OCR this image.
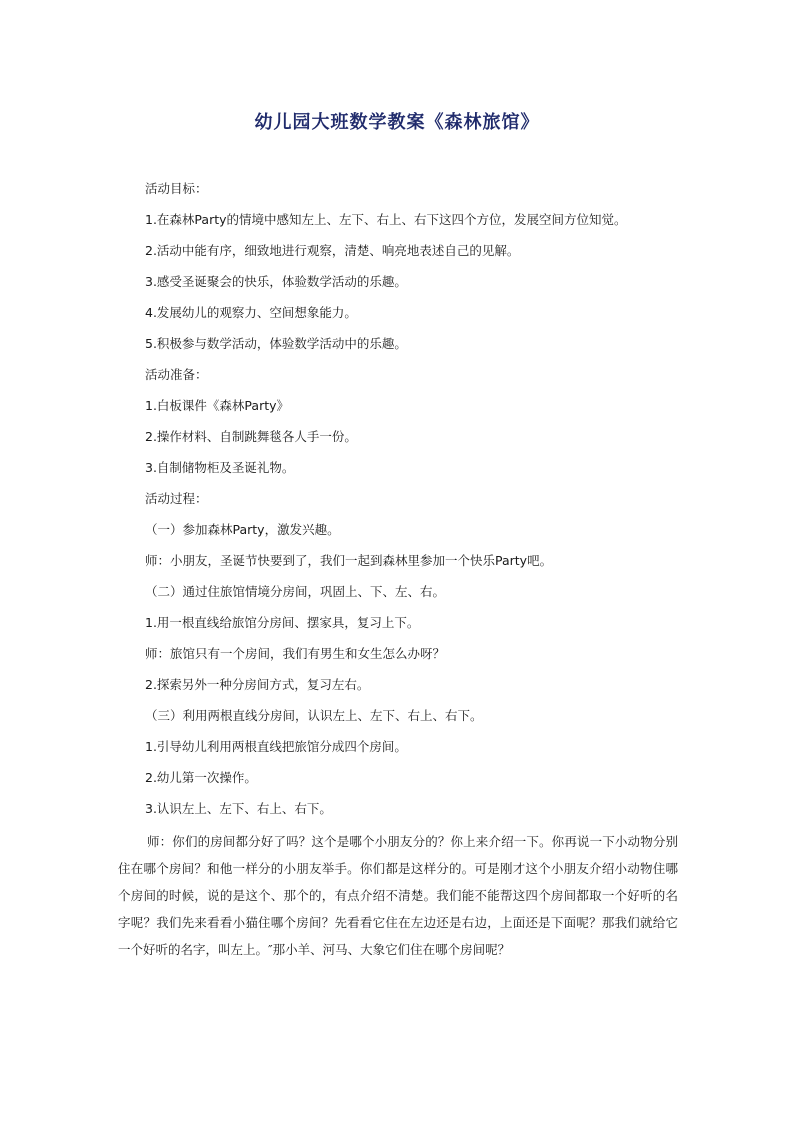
幼儿园大班数学教案《森林旅馆》
活动目标：
1.在森林Party的情境中感知左上、左下、右上、右下这四个方位，发展空间方位知觉。
2.活动中能有序，细致地进行观察，清楚、响亮地表述自己的见解。
3.感受圣诞聚会的快乐，体验数学活动的乐趣。
4.发展幼儿的观察力、空间想象能力。
5.积极参与数学活动，体验数学活动中的乐趣。
活动准备：
1.白板课件《森林Party》
2.操作材料、自制跳舞毯各人手一份。
3.自制储物柜及圣诞礼物。
活动过程：
（一）参加森林Party，激发兴趣。
师：小朋友，圣诞节快要到了，我们一起到森林里参加一个快乐Party吧。
（二）通过住旅馆情境分房间，巩固上、下、左、右。
1.用一根直线给旅馆分房间、摆家具，复习上下。
师：旅馆只有一个房间，我们有男生和女生怎么办呀？
2.探索另外一种分房间方式，复习左右。
（三）利用两根直线分房间，认识左上、左下、右上、右下。
1.引导幼儿利用两根直线把旅馆分成四个房间。
2.幼儿第一次操作。
3.认识左上、左下、右上、右下。
师：你们的房间都分好了吗？这个是哪个小朋友分的？你上来介绍一下。你再说一下小动物分别住在哪个房间？和他一样分的小朋友举手。你们都是这样分的。可是刚才这个小朋友介绍小动物住哪个房间的时候，说的是这个、那个的，有点介绍不清楚。我们能不能帮这四个房间都取一个好听的名字呢？我们先来看看小猫住哪个房间？先看看它住在左边还是右边，上面还是下面呢？那我们就给它一个好听的名字，叫左上。″那小羊、河马、大象它们住在哪个房间呢？
